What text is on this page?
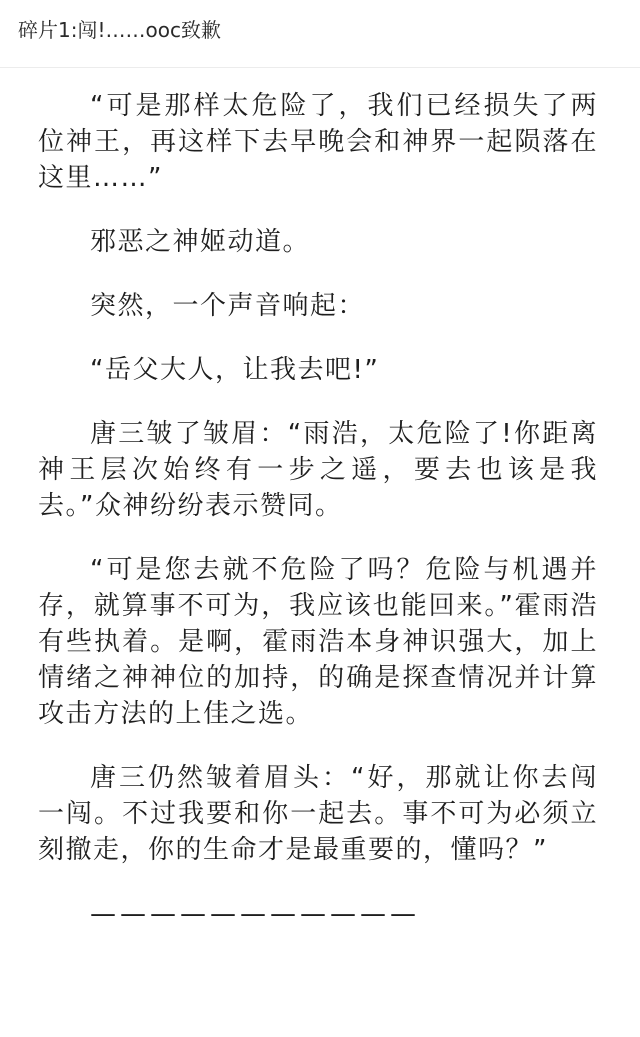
碎片1:闯!……ooc致歉

“可是那样太危险了，我们已经损失了两位神王，再这样下去早晚会和神界一起陨落在这里……”

邪恶之神姬动道。

突然，一个声音响起：

“岳父大人，让我去吧!”

唐三皱了皱眉：“雨浩，太危险了!你距离神王层次始终有一步之遥，要去也该是我去。”众神纷纷表示赞同。

“可是您去就不危险了吗？危险与机遇并存，就算事不可为，我应该也能回来。”霍雨浩有些执着。是啊，霍雨浩本身神识强大，加上情绪之神神位的加持，的确是探查情况并计算攻击方法的上佳之选。

唐三仍然皱着眉头：“好，那就让你去闯一闯。不过我要和你一起去。事不可为必须立刻撤走，你的生命才是最重要的，懂吗？”

———————————
